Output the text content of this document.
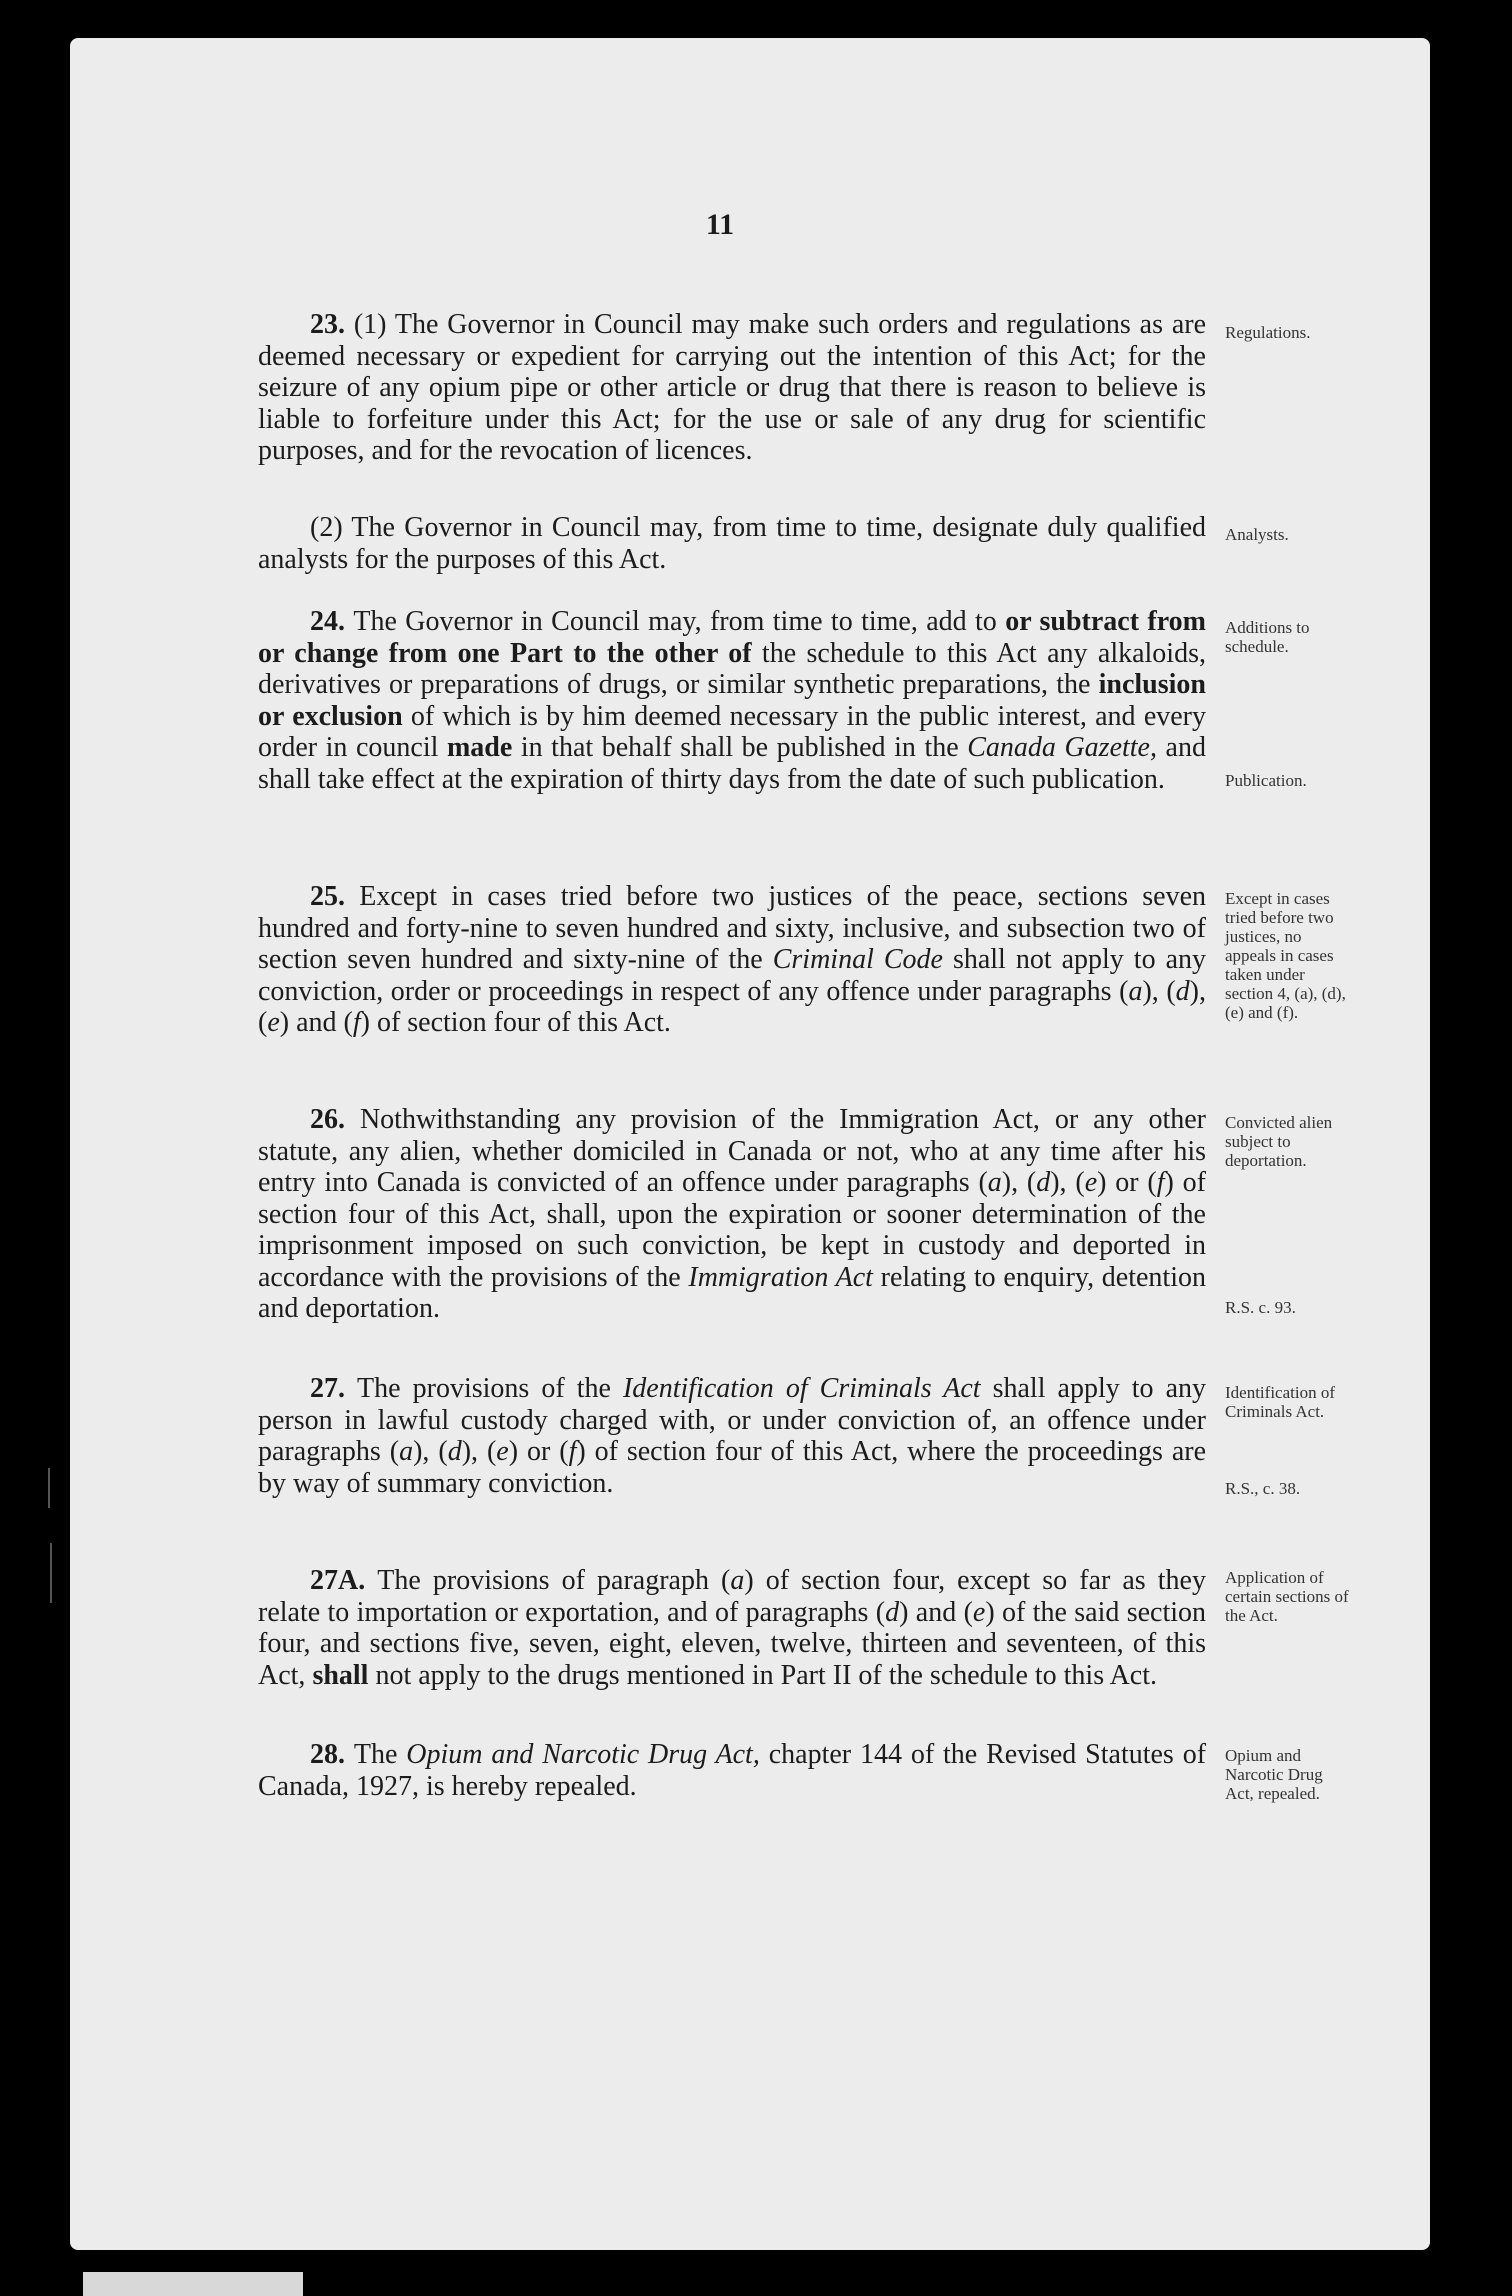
11
23. (1) The Governor in Council may make such orders and regulations as are deemed necessary or expedient for carrying out the intention of this Act; for the seizure of any opium pipe or other article or drug that there is reason to believe is liable to forfeiture under this Act; for the use or sale of any drug for scientific purposes, and for the revocation of licences.
(2) The Governor in Council may, from time to time, designate duly qualified analysts for the purposes of this Act.
24. The Governor in Council may, from time to time, add to or subtract from or change from one Part to the other of the schedule to this Act any alkaloids, derivatives or preparations of drugs, or similar synthetic preparations, the inclusion or exclusion of which is by him deemed necessary in the public interest, and every order in council made in that behalf shall be published in the Canada Gazette, and shall take effect at the expiration of thirty days from the date of such publication.
25. Except in cases tried before two justices of the peace, sections seven hundred and forty-nine to seven hundred and sixty, inclusive, and subsection two of section seven hundred and sixty-nine of the Criminal Code shall not apply to any conviction, order or proceedings in respect of any offence under paragraphs (a), (d), (e) and (f) of section four of this Act.
26. Nothwithstanding any provision of the Immigration Act, or any other statute, any alien, whether domiciled in Canada or not, who at any time after his entry into Canada is convicted of an offence under paragraphs (a), (d), (e) or (f) of section four of this Act, shall, upon the expiration or sooner determination of the imprisonment imposed on such conviction, be kept in custody and deported in accordance with the provisions of the Immigration Act relating to enquiry, detention and deportation.
27. The provisions of the Identification of Criminals Act shall apply to any person in lawful custody charged with, or under conviction of, an offence under paragraphs (a), (d), (e) or (f) of section four of this Act, where the proceedings are by way of summary conviction.
27A. The provisions of paragraph (a) of section four, except so far as they relate to importation or exportation, and of paragraphs (d) and (e) of the said section four, and sections five, seven, eight, eleven, twelve, thirteen and seventeen, of this Act, shall not apply to the drugs mentioned in Part II of the schedule to this Act.
28. The Opium and Narcotic Drug Act, chapter 144 of the Revised Statutes of Canada, 1927, is hereby repealed.
Regulations.
Analysts.
Additions to schedule.
Publication.
Except in cases tried before two justices, no appeals in cases taken under section 4, (a), (d), (e) and (f).
Convicted alien subject to deportation.
R.S. c. 93.
Identification of Criminals Act.
R.S., c. 38.
Application of certain sections of the Act.
Opium and Narcotic Drug Act, repealed.
